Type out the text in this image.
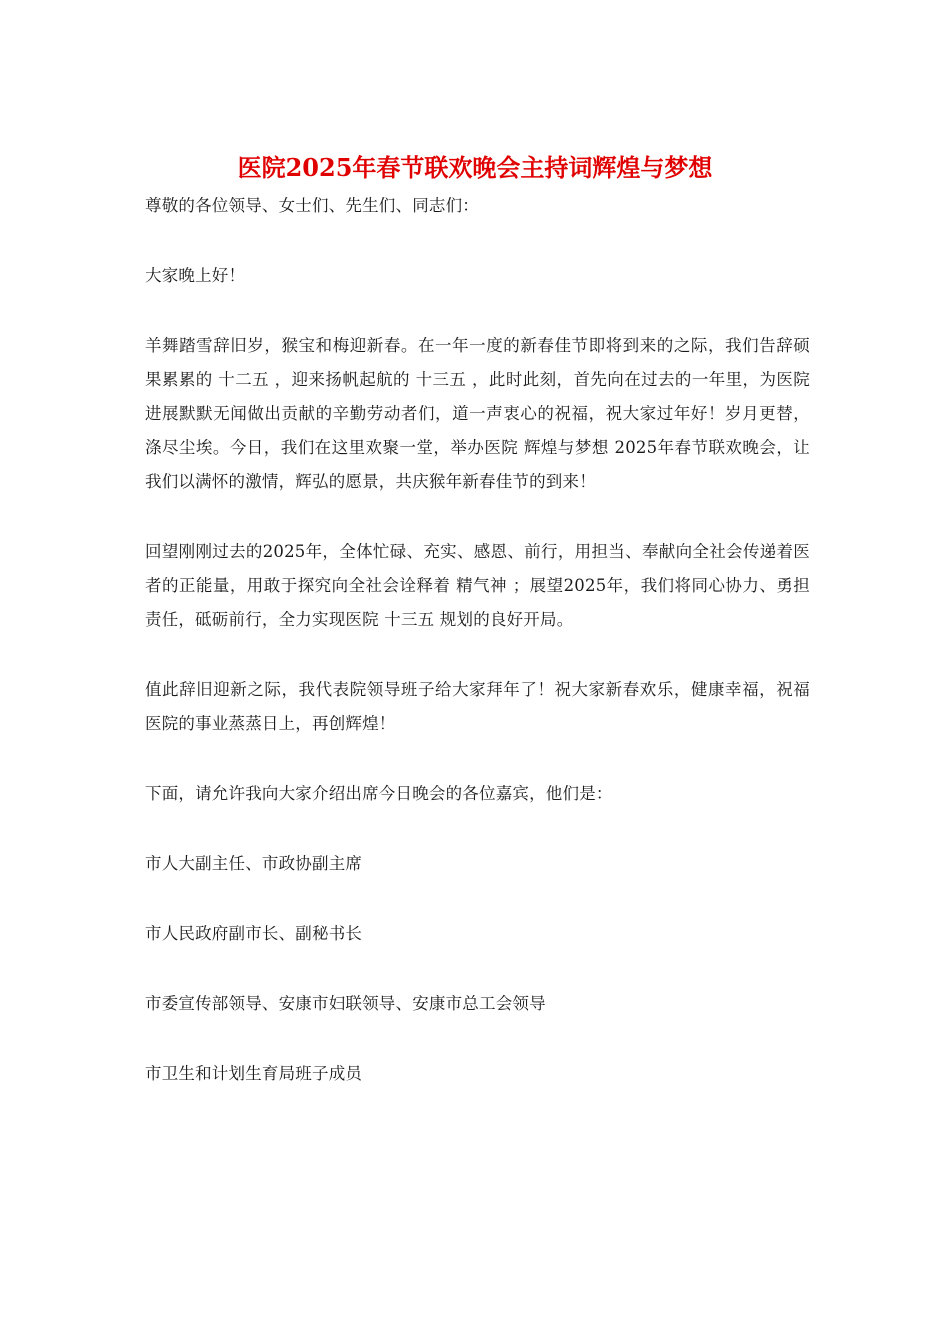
医院2025年春节联欢晚会主持词辉煌与梦想

尊敬的各位领导、女士们、先生们、同志们：

大家晚上好！

羊舞踏雪辞旧岁，猴宝和梅迎新春。在一年一度的新春佳节即将到来的之际，我们告辞硕果累累的 十二五 ，迎来扬帆起航的 十三五 ，此时此刻，首先向在过去的一年里，为医院进展默默无闻做出贡献的辛勤劳动者们，道一声衷心的祝福，祝大家过年好！岁月更替，涤尽尘埃。今日，我们在这里欢聚一堂，举办医院 辉煌与梦想 2025年春节联欢晚会，让我们以满怀的激情，辉弘的愿景，共庆猴年新春佳节的到来！

回望刚刚过去的2025年，全体忙碌、充实、感恩、前行，用担当、奉献向全社会传递着医者的正能量，用敢于探究向全社会诠释着 精气神 ；展望2025年，我们将同心协力、勇担责任，砥砺前行，全力实现医院 十三五 规划的良好开局。

值此辞旧迎新之际，我代表院领导班子给大家拜年了！祝大家新春欢乐，健康幸福，祝福医院的事业蒸蒸日上，再创辉煌！

下面，请允许我向大家介绍出席今日晚会的各位嘉宾，他们是：

市人大副主任、市政协副主席

市人民政府副市长、副秘书长

市委宣传部领导、安康市妇联领导、安康市总工会领导

市卫生和计划生育局班子成员
